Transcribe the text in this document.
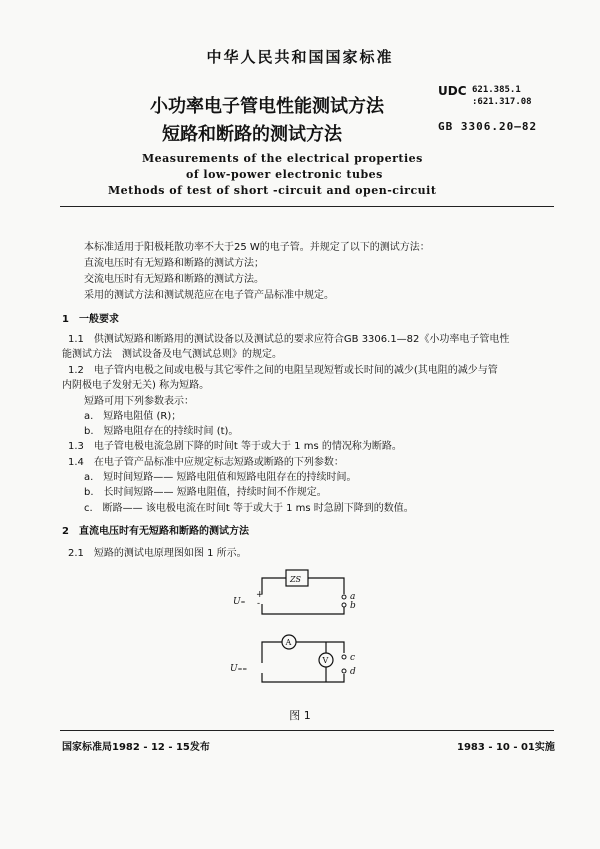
中华人民共和国国家标准
小功率电子管电性能测试方法
短路和断路的测试方法
UDC 621.385.1
:621.317.08
GB 3306.20—82
Measurements of the electrical properties
of low-power electronic tubes
Methods of test of short -circuit and open-circuit
本标准适用于阳极耗散功率不大于25 W的电子管。并规定了以下的测试方法：
直流电压时有无短路和断路的测试方法；
交流电压时有无短路和断路的测试方法。
采用的测试方法和测试规范应在电子管产品标准中规定。
1　一般要求
1.1　供测试短路和断路用的测试设备以及测试总的要求应符合GB 3306.1—82《小功率电子管电性
能测试方法　测试设备及电气测试总则》的规定。
1.2　电子管内电极之间或电极与其它零件之间的电阻呈现短暂或长时间的减少(其电阻的减少与管
内阴极电子发射无关) 称为短路。
短路可用下列参数表示：
a.　短路电阻值 (R)；
b.　短路电阻存在的持续时间 (t)。
1.3　电子管电极电流急剧下降的时间t 等于或大于 1 ms 的情况称为断路。
1.4　在电子管产品标准中应规定标志短路或断路的下列参数：
a.　短时间短路—— 短路电阻值和短路电阻存在的持续时间。
b.　长时间短路—— 短路电阻值，持续时间不作规定。
c.　断路—— 该电极电流在时间t 等于或大于 1 ms 时急剧下降到的数值。
2　直流电压时有无短路和断路的测试方法
2.1　短路的测试电原理图如图 1 所示。
ZS
+
-
U₌	a
b
A
V
U₌₌
c
d
图 1
国家标准局1982 - 12 - 15发布	1983 - 10 - 01实施
